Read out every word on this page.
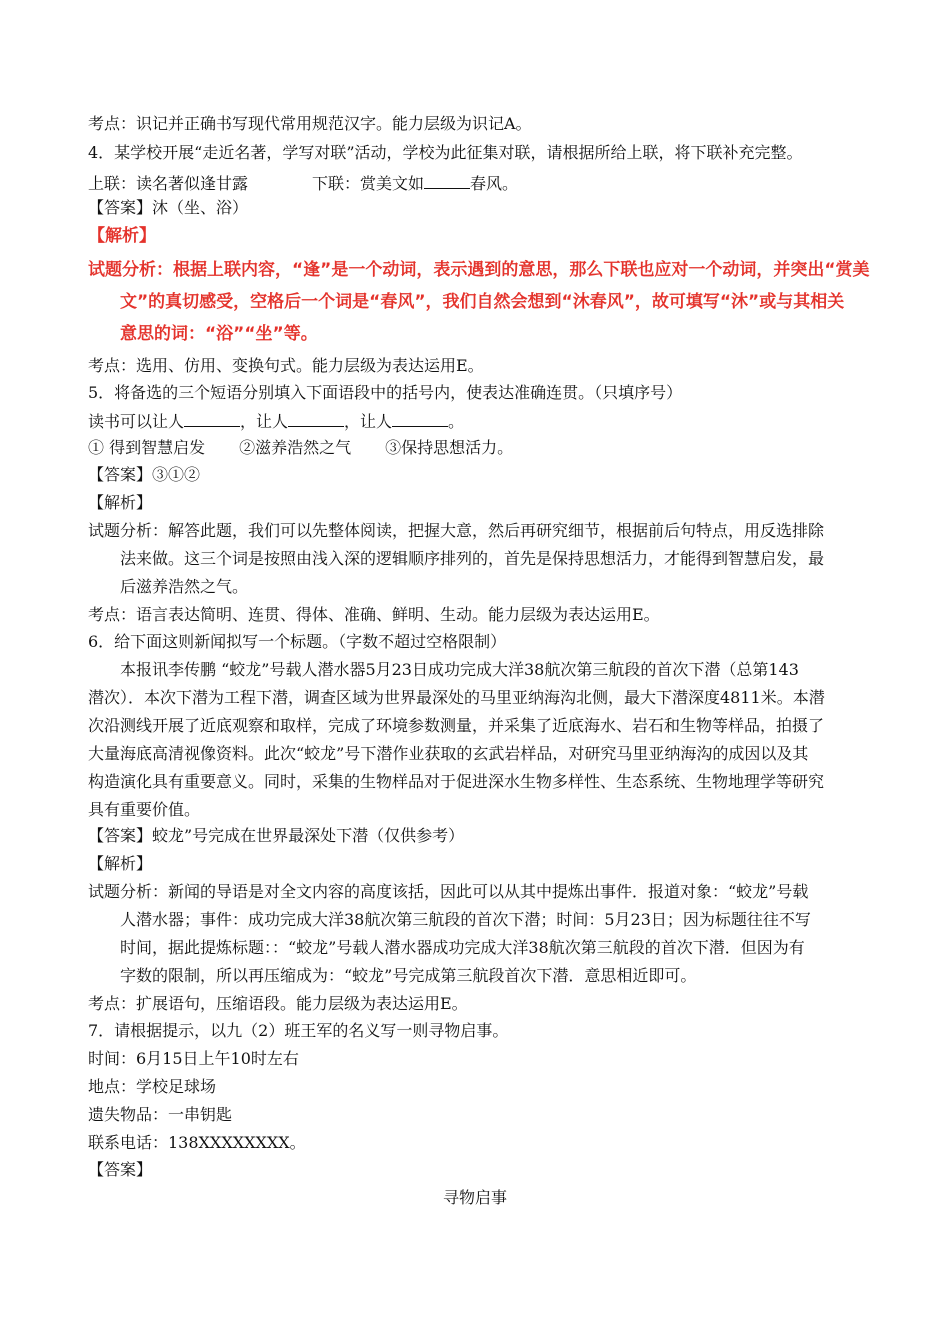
考点：识记并正确书写现代常用规范汉字。能力层级为识记A。
4．某学校开展“走近名著，学写对联”活动，学校为此征集对联，请根据所给上联，将下联补充完整。
上联：读名著似逢甘露	下联：赏美文如	春风。
【答案】沐（坐、浴）
【解析】
试题分析：根据上联内容，“逢”是一个动词，表示遇到的意思，那么下联也应对一个动词，并突出“赏美
文”的真切感受，空格后一个词是“春风”，我们自然会想到“沐春风”，故可填写“沐”或与其相关
意思的词：“浴”“坐”等。
考点：选用、仿用、变换句式。能力层级为表达运用E。
5．将备选的三个短语分别填入下面语段中的括号内，使表达准确连贯。（只填序号）
读书可以让人	，让人	，让人	。
① 得到智慧启发 ②滋养浩然之气 ③保持思想活力。
【答案】③①②
【解析】
试题分析：解答此题，我们可以先整体阅读，把握大意，然后再研究细节，根据前后句特点，用反选排除
法来做。这三个词是按照由浅入深的逻辑顺序排列的，首先是保持思想活力，才能得到智慧启发，最
后滋养浩然之气。
考点：语言表达简明、连贯、得体、准确、鲜明、生动。能力层级为表达运用E。
6．给下面这则新闻拟写一个标题。（字数不超过空格限制）
本报讯李传鹏 “蛟龙”号载人潜水器5月23日成功完成大洋38航次第三航段的首次下潜（总第143
潜次）．本次下潜为工程下潜，调查区域为世界最深处的马里亚纳海沟北侧，最大下潜深度4811米。本潜
次沿测线开展了近底观察和取样，完成了环境参数测量，并采集了近底海水、岩石和生物等样品，拍摄了
大量海底高清视像资料。此次“蛟龙”号下潜作业获取的玄武岩样品，对研究马里亚纳海沟的成因以及其
构造演化具有重要意义。同时，采集的生物样品对于促进深水生物多样性、生态系统、生物地理学等研究
具有重要价值。
【答案】蛟龙”号完成在世界最深处下潜（仅供参考）
【解析】
试题分析：新闻的导语是对全文内容的高度该括，因此可以从其中提炼出事件．报道对象：“蛟龙”号载
人潜水器；事件：成功完成大洋38航次第三航段的首次下潜；时间：5月23日；因为标题往往不写
时间，据此提炼标题：：“蛟龙”号载人潜水器成功完成大洋38航次第三航段的首次下潜．但因为有
字数的限制，所以再压缩成为：“蛟龙”号完成第三航段首次下潜．意思相近即可。
考点：扩展语句，压缩语段。能力层级为表达运用E。
7．请根据提示，以九（2）班王军的名义写一则寻物启事。
时间：6月15日上午10时左右
地点：学校足球场
遗失物品：一串钥匙
联系电话：138XXXXXXXX。
【答案】
寻物启事
